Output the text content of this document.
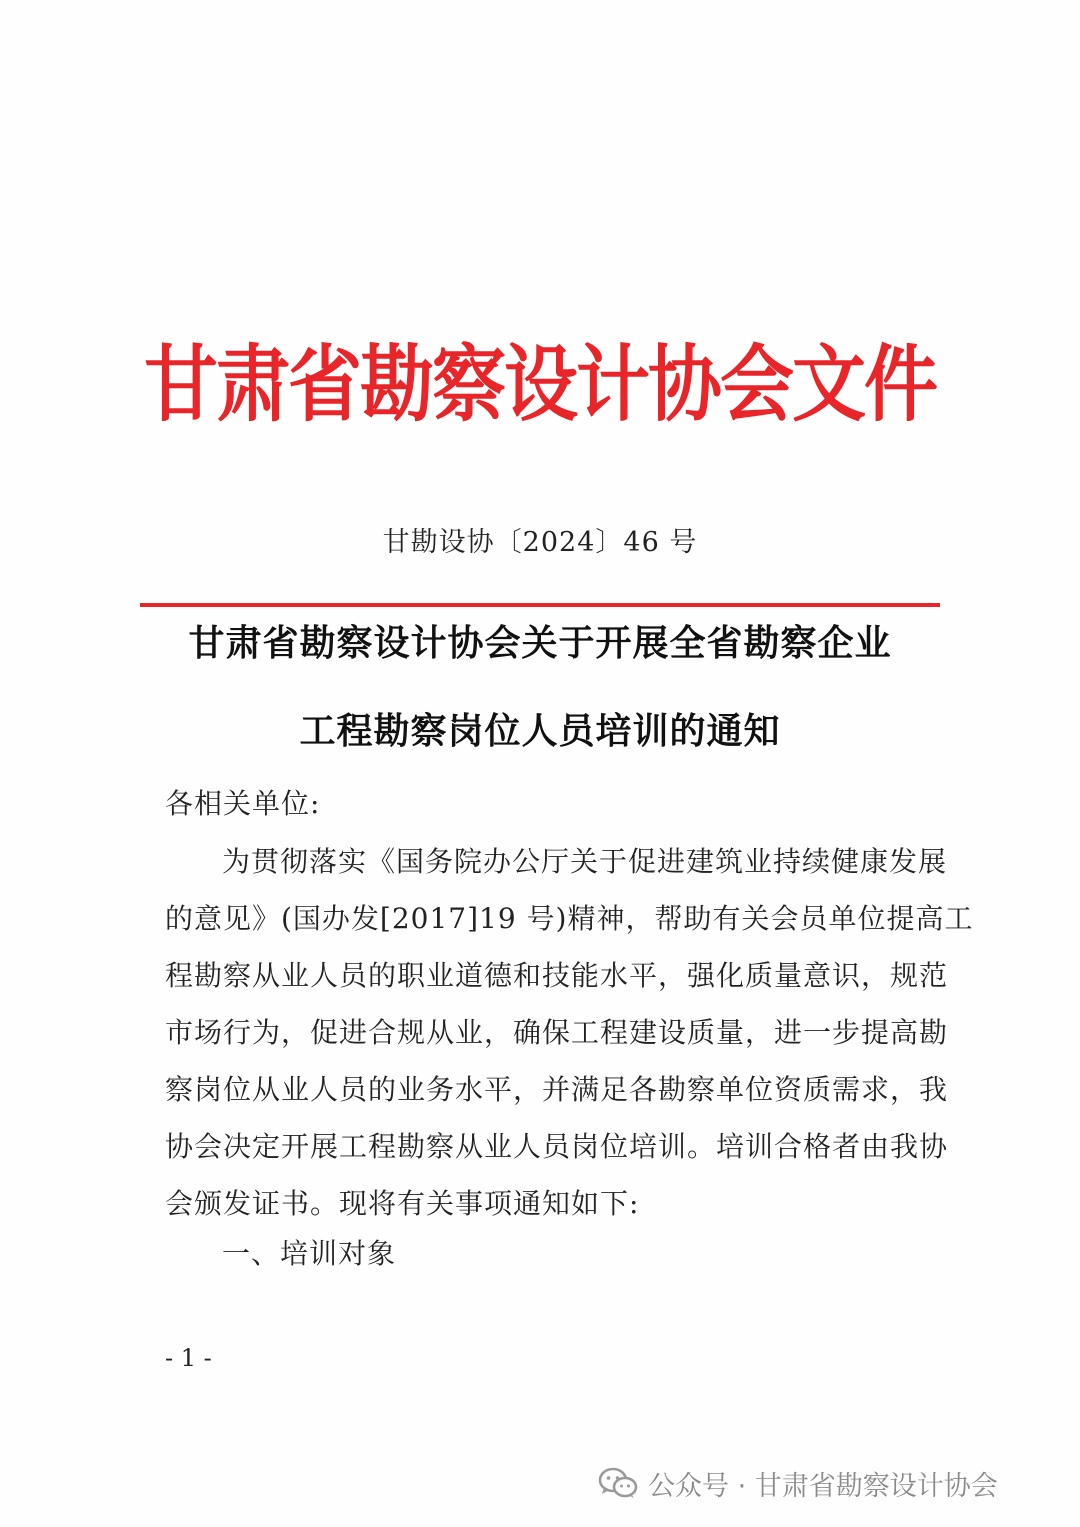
甘肃省勘察设计协会文件
甘勘设协〔2024〕46 号
甘肃省勘察设计协会关于开展全省勘察企业
工程勘察岗位人员培训的通知
各相关单位:
为贯彻落实《国务院办公厅关于促进建筑业持续健康发展
的意见》(国办发[2017]19 号)精神，帮助有关会员单位提高工
程勘察从业人员的职业道德和技能水平，强化质量意识，规范
市场行为，促进合规从业，确保工程建设质量，进一步提高勘
察岗位从业人员的业务水平，并满足各勘察单位资质需求，我
协会决定开展工程勘察从业人员岗位培训。培训合格者由我协
会颁发证书。现将有关事项通知如下:
一、培训对象
- 1 -
公众号 · 甘肃省勘察设计协会
